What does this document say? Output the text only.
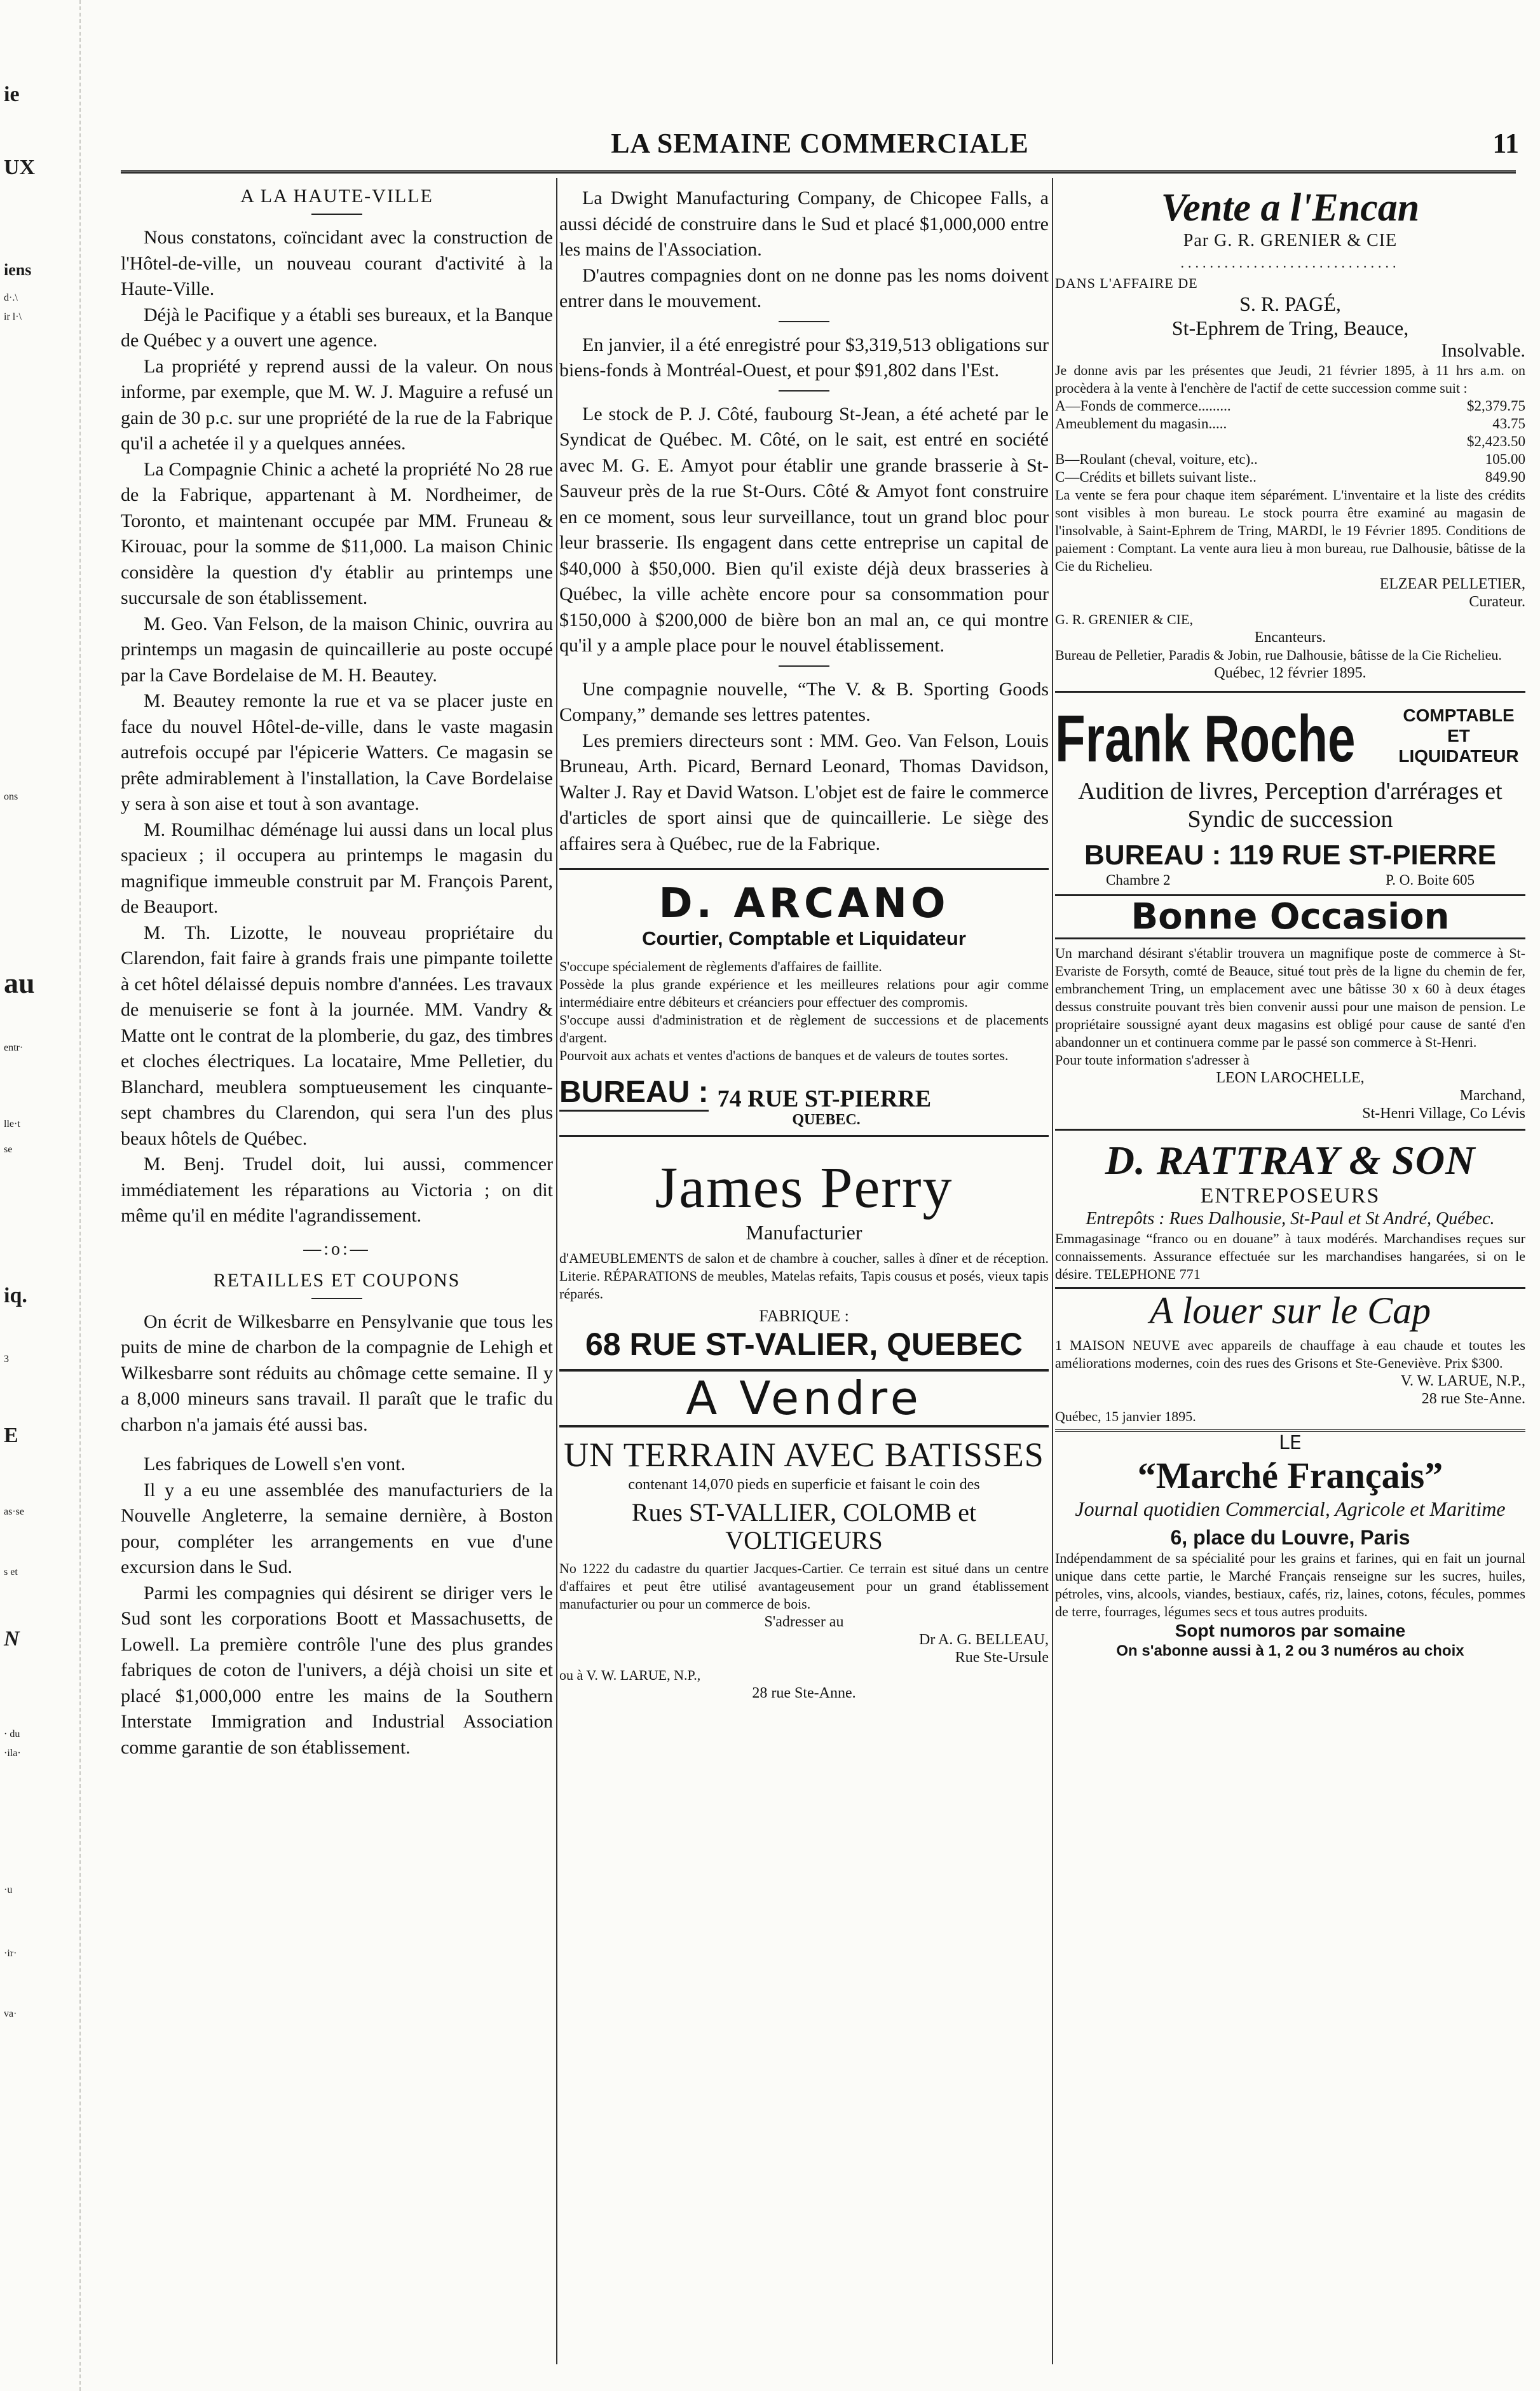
ie
UX
iens
d·.\
ir l·\
ons
au
entr·
lle·t
se
iq.
3
E
as·se
s et
N
· du
·ila·
·u
·ir·
va·
LA SEMAINE COMMERCIALE	11
A LA HAUTE-VILLE

Nous constatons, coïncidant avec la construction de l'Hôtel-de-ville, un nouveau courant d'activité à la Haute-Ville.

Déjà le Pacifique y a établi ses bureaux, et la Banque de Québec y a ouvert une agence.

La propriété y reprend aussi de la valeur. On nous informe, par exemple, que M. W. J. Maguire a refusé un gain de 30 p.c. sur une propriété de la rue de la Fabrique qu'il a achetée il y a quelques années.

La Compagnie Chinic a acheté la propriété No 28 rue de la Fabrique, appartenant à M. Nordheimer, de Toronto, et maintenant occupée par MM. Fruneau & Kirouac, pour la somme de $11,000. La maison Chinic considère la question d'y établir au printemps une succursale de son établissement.

M. Geo. Van Felson, de la maison Chinic, ouvrira au printemps un magasin de quincaillerie au poste occupé par la Cave Bordelaise de M. H. Beautey.

M. Beautey remonte la rue et va se placer juste en face du nouvel Hôtel-de-ville, dans le vaste magasin autrefois occupé par l'épicerie Watters. Ce magasin se prête admirablement à l'installation, la Cave Bordelaise y sera à son aise et tout à son avantage.

M. Roumilhac déménage lui aussi dans un local plus spacieux ; il occupera au printemps le magasin du magnifique immeuble construit par M. François Parent, de Beauport.

M. Th. Lizotte, le nouveau propriétaire du Clarendon, fait faire à grands frais une pimpante toilette à cet hôtel délaissé depuis nombre d'années. Les travaux de menuiserie se font à la journée. MM. Vandry & Matte ont le contrat de la plomberie, du gaz, des timbres et cloches électriques. La locataire, Mme Pelletier, du Blanchard, meublera somptueusement les cinquante-sept chambres du Clarendon, qui sera l'un des plus beaux hôtels de Québec.

M. Benj. Trudel doit, lui aussi, commencer immédiatement les réparations au Victoria ; on dit même qu'il en médite l'agrandissement.

—:o:—
RETAILLES ET COUPONS

On écrit de Wilkesbarre en Pensylvanie que tous les puits de mine de charbon de la compagnie de Lehigh et Wilkesbarre sont réduits au chômage cette semaine. Il y a 8,000 mineurs sans travail. Il paraît que le trafic du charbon n'a jamais été aussi bas.

Les fabriques de Lowell s'en vont.

Il y a eu une assemblée des manufacturiers de la Nouvelle Angleterre, la semaine dernière, à Boston pour, compléter les arrangements en vue d'une excursion dans le Sud.

Parmi les compagnies qui désirent se diriger vers le Sud sont les corporations Boott et Massachusetts, de Lowell. La première contrôle l'une des plus grandes fabriques de coton de l'univers, a déjà choisi un site et placé $1,000,000 entre les mains de la Southern Interstate Immigration and Industrial Association comme garantie de son établissement.

La Dwight Manufacturing Company, de Chicopee Falls, a aussi décidé de construire dans le Sud et placé $1,000,000 entre les mains de l'Association.

D'autres compagnies dont on ne donne pas les noms doivent entrer dans le mouvement.

En janvier, il a été enregistré pour $3,319,513 obligations sur biens-fonds à Montréal-Ouest, et pour $91,802 dans l'Est.

Le stock de P. J. Côté, faubourg St-Jean, a été acheté par le Syndicat de Québec. M. Côté, on le sait, est entré en société avec M. G. E. Amyot pour établir une grande brasserie à St-Sauveur près de la rue St-Ours. Côté & Amyot font construire en ce moment, sous leur surveillance, tout un grand bloc pour leur brasserie. Ils engagent dans cette entreprise un capital de $40,000 à $50,000. Bien qu'il existe déjà deux brasseries à Québec, la ville achète encore pour sa consommation pour $150,000 à $200,000 de bière bon an mal an, ce qui montre qu'il y a ample place pour le nouvel établissement.

Une compagnie nouvelle, “The V. & B. Sporting Goods Company,” demande ses lettres patentes.

Les premiers directeurs sont : MM. Geo. Van Felson, Louis Bruneau, Arth. Picard, Bernard Leonard, Thomas Davidson, Walter J. Ray et David Watson. L'objet est de faire le commerce d'articles de sport ainsi que de quincaillerie. Le siège des affaires sera à Québec, rue de la Fabrique.

D. ARCANO
Courtier, Comptable et Liquidateur

S'occupe spécialement de règlements d'affaires de faillite.

Possède la plus grande expérience et les meilleures relations pour agir comme intermédiaire entre débiteurs et créanciers pour effectuer des compromis.

S'occupe aussi d'administration et de règlement de successions et de placements d'argent.

Pourvoit aux achats et ventes d'actions de banques et de valeurs de toutes sortes.

BUREAU : 74 RUE ST-PIERRE
QUEBEC.
James Perry
Manufacturier

d'AMEUBLEMENTS de salon et de chambre à coucher, salles à dîner et de réception. Literie. RÉPARATIONS de meubles, Matelas refaits, Tapis cousus et posés, vieux tapis réparés.

FABRIQUE :
68 RUE ST-VALIER, QUEBEC
A Vendre
UN TERRAIN AVEC BATISSES

contenant 14,070 pieds en superficie et faisant le coin des

Rues ST-VALLIER, COLOMB et VOLTIGEURS

No 1222 du cadastre du quartier Jacques-Cartier. Ce terrain est situé dans un centre d'affaires et peut être utilisé avantageusement pour un grand établissement manufacturier ou pour un commerce de bois.

S'adresser au

Dr A. G. BELLEAU,

Rue Ste-Ursule

ou à V. W. LARUE, N.P.,

28 rue Ste-Anne.

Vente a l'Encan
Par G. R. GRENIER & CIE
..............................
DANS L'AFFAIRE DE
S. R. PAGÉ,
St-Ephrem de Tring, Beauce,
Insolvable.

Je donne avis par les présentes que Jeudi, 21 février 1895, à 11 hrs a.m. on procèdera à la vente à l'enchère de l'actif de cette succession comme suit :

A—Fonds de commerce.........	$2,379.75
Ameublement du magasin.....	43.75
$2,423.50
B—Roulant (cheval, voiture, etc)..	105.00
C—Crédits et billets suivant liste..	849.90

La vente se fera pour chaque item séparément. L'inventaire et la liste des crédits sont visibles à mon bureau. Le stock pourra être examiné au magasin de l'insolvable, à Saint-Ephrem de Tring, MARDI, le 19 Février 1895. Conditions de paiement : Comptant. La vente aura lieu à mon bureau, rue Dalhousie, bâtisse de la Cie du Richelieu.

ELZEAR PELLETIER,

Curateur.

G. R. GRENIER & CIE,

Encanteurs.

Bureau de Pelletier, Paradis & Jobin, rue Dalhousie, bâtisse de la Cie Richelieu.

Québec, 12 février 1895.

Frank Roche	COMPTABLE ET LIQUIDATEUR
Audition de livres, Perception d'arrérages et Syndic de succession
BUREAU : 119 RUE ST-PIERRE
Chambre 2	P. O. Boite 605
Bonne Occasion

Un marchand désirant s'établir trouvera un magnifique poste de commerce à St-Evariste de Forsyth, comté de Beauce, situé tout près de la ligne du chemin de fer, embranchement Tring, un emplacement avec une bâtisse 30 x 60 à deux étages dessus construite pouvant très bien convenir aussi pour une maison de pension. Le propriétaire soussigné ayant deux magasins est obligé pour cause de santé d'en abandonner un et continuera comme par le passé son commerce à St-Henri.

Pour toute information s'adresser à

LEON LAROCHELLE,

Marchand,

St-Henri Village, Co Lévis

D. RATTRAY & SON
ENTREPOSEURS
Entrepôts : Rues Dalhousie, St-Paul et St André, Québec.

Emmagasinage “franco ou en douane” à taux modérés. Marchandises reçues sur connaissements. Assurance effectuée sur les marchandises hangarées, si on le désire. TELEPHONE 771

A louer sur le Cap

1 MAISON NEUVE avec appareils de chauffage à eau chaude et toutes les améliorations modernes, coin des rues des Grisons et Ste-Geneviève. Prix $300.

V. W. LARUE, N.P.,

28 rue Ste-Anne.

Québec, 15 janvier 1895.

LE
“Marché Français”
Journal quotidien Commercial, Agricole et Maritime
6, place du Louvre, Paris

Indépendamment de sa spécialité pour les grains et farines, qui en fait un journal unique dans cette partie, le Marché Français renseigne sur les sucres, huiles, pétroles, vins, alcools, viandes, bestiaux, cafés, riz, laines, cotons, fécules, pommes de terre, fourrages, légumes secs et tous autres produits.

Sopt numoros par somaine
On s'abonne aussi à 1, 2 ou 3 numéros au choix
